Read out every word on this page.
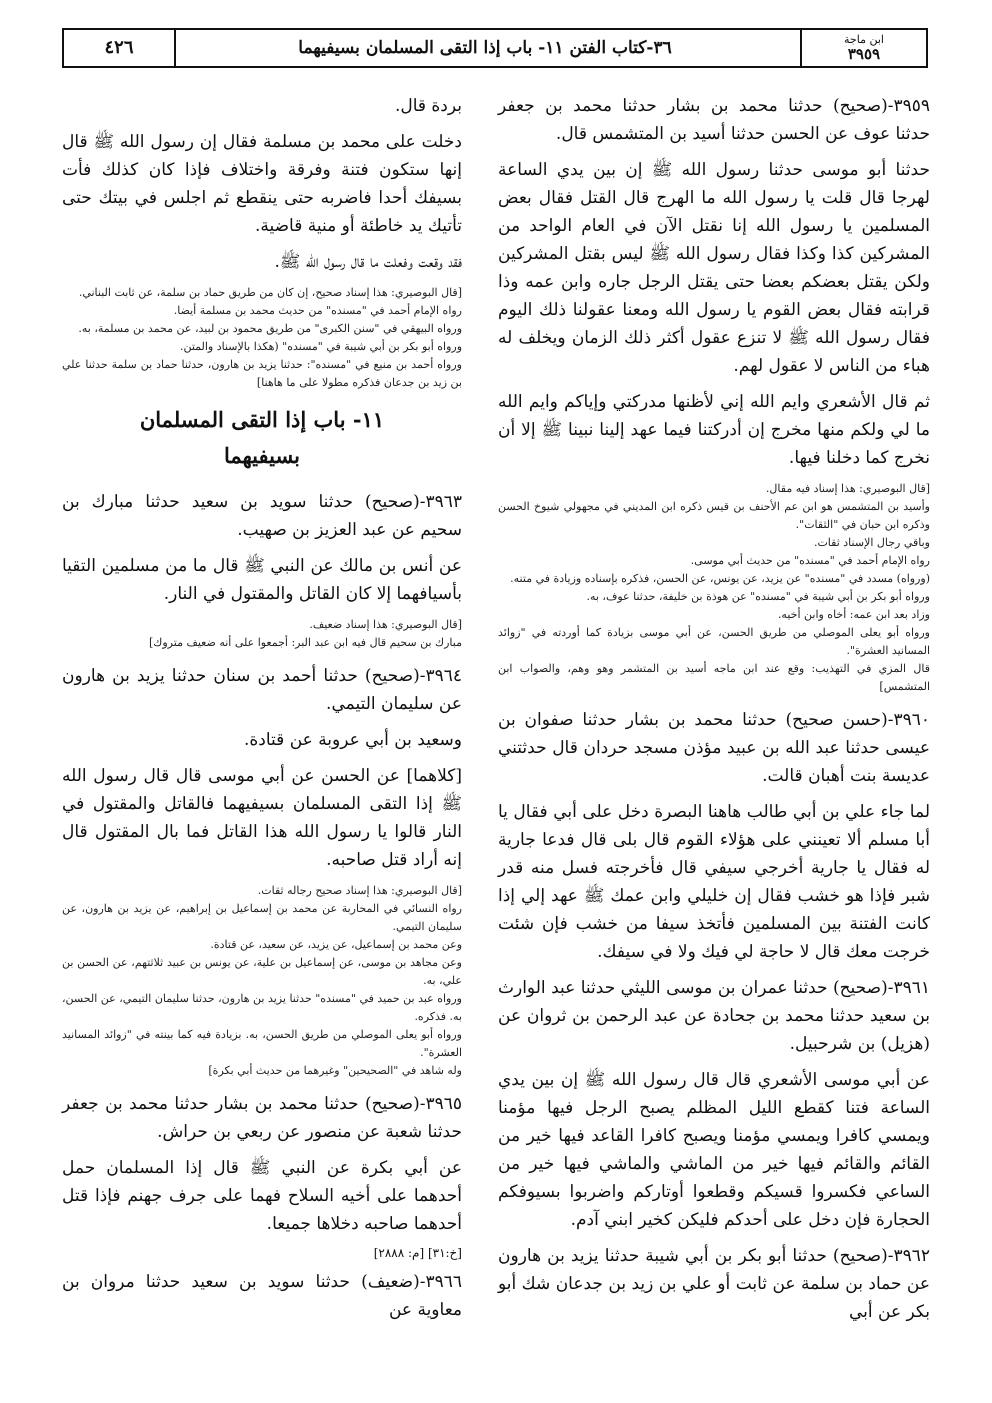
ابن ماجة
٣٩٥٩
٣٦-كتاب الفتن ١١- باب إذا التقى المسلمان بسيفيهما
٤٢٦

٣٩٥٩-(صحيح) حدثنا محمد بن بشار حدثنا محمد بن جعفر حدثنا عوف عن الحسن حدثنا أسيد بن المتشمس قال.

حدثنا أبو موسى حدثنا رسول الله ﷺ إن بين يدي الساعة لهرجا قال قلت يا رسول الله ما الهرج قال القتل فقال بعض المسلمين يا رسول الله إنا نقتل الآن في العام الواحد من المشركين كذا وكذا فقال رسول الله ﷺ ليس بقتل المشركين ولكن يقتل بعضكم بعضا حتى يقتل الرجل جاره وابن عمه وذا قرابته فقال بعض القوم يا رسول الله ومعنا عقولنا ذلك اليوم فقال رسول الله ﷺ لا تنزع عقول أكثر ذلك الزمان ويخلف له هباء من الناس لا عقول لهم.

ثم قال الأشعري وايم الله إني لأظنها مدركتي وإياكم وايم الله ما لي ولكم منها مخرج إن أدركتنا فيما عهد إلينا نبينا ﷺ إلا أن نخرج كما دخلنا فيها.

[قال البوصيري: هذا إسناد فيه مقال.
وأسيد بن المتشمس هو ابن عم الأحنف بن قيس ذكره ابن المديني في مجهولي شيوخ الحسن وذكره ابن حبان في "الثقات".
وباقي رجال الإسناد ثقات.
رواه الإمام أحمد في "مسنده" من حديث أبي موسى.
(ورواه) مسدد في "مسنده" عن يزيد، عن يونس، عن الحسن، فذكره بإسناده وزيادة في متنه.
ورواه أبو بكر بن أبي شيبة في "مسنده" عن هوذة بن خليفة، حدثنا عوف، به.
وزاد بعد ابن عمه: أخاه وابن أخيه.
ورواه أبو يعلى الموصلي من طريق الحسن، عن أبي موسى بزيادة كما أوردته في "زوائد المسانيد العشرة".
قال المزي في التهذيب: وقع عند ابن ماجه أسيد بن المتشمر وهو وهم، والصواب ابن المتشمس]

٣٩٦٠-(حسن صحيح) حدثنا محمد بن بشار حدثنا صفوان بن عيسى حدثنا عبد الله بن عبيد مؤذن مسجد حردان قال حدثتني عديسة بنت أهبان قالت.

لما جاء علي بن أبي طالب هاهنا البصرة دخل على أبي فقال يا أبا مسلم ألا تعينني على هؤلاء القوم قال بلى قال فدعا جارية له فقال يا جارية أخرجي سيفي قال فأخرجته فسل منه قدر شبر فإذا هو خشب فقال إن خليلي وابن عمك ﷺ عهد إلي إذا كانت الفتنة بين المسلمين فأتخذ سيفا من خشب فإن شئت خرجت معك قال لا حاجة لي فيك ولا في سيفك.

٣٩٦١-(صحيح) حدثنا عمران بن موسى الليثي حدثنا عبد الوارث بن سعيد حدثنا محمد بن جحادة عن عبد الرحمن بن ثروان عن (هزيل) بن شرحبيل.

عن أبي موسى الأشعري قال قال رسول الله ﷺ إن بين يدي الساعة فتنا كقطع الليل المظلم يصبح الرجل فيها مؤمنا ويمسي كافرا ويمسي مؤمنا ويصبح كافرا القاعد فيها خير من القائم والقائم فيها خير من الماشي والماشي فيها خير من الساعي فكسروا قسيكم وقطعوا أوتاركم واضربوا بسيوفكم الحجارة فإن دخل على أحدكم فليكن كخير ابني آدم.

٣٩٦٢-(صحيح) حدثنا أبو بكر بن أبي شيبة حدثنا يزيد بن هارون عن حماد بن سلمة عن ثابت أو علي بن زيد بن جدعان شك أبو بكر عن أبي

بردة قال.

دخلت على محمد بن مسلمة فقال إن رسول الله ﷺ قال إنها ستكون فتنة وفرقة واختلاف فإذا كان كذلك فأت بسيفك أحدا فاضربه حتى ينقطع ثم اجلس في بيتك حتى تأتيك يد خاطئة أو منية قاضية.

فقد وقعت وفعلت ما قال رسول الله ﷺ.

[قال البوصيري: هذا إسناد صحيح، إن كان من طريق حماد بن سلمة، عن ثابت البناني.
رواه الإمام أحمد في "مسنده" من حديث محمد بن مسلمة أيضا.
ورواه البيهقي في "سنن الكبرى" من طريق محمود بن لبيد، عن محمد بن مسلمة، به.
ورواه أبو بكر بن أبي شيبة في "مسنده" (هكذا بالإسناد والمتن.
ورواه أحمد بن منيع في "مسنده": حدثنا يزيد بن هارون، حدثنا حماد بن سلمة حدثنا علي بن زيد بن جدعان فذكره مطولا على ما هاهنا]
١١- باب إذا التقى المسلمان
بسيفيهما

٣٩٦٣-(صحيح) حدثنا سويد بن سعيد حدثنا مبارك بن سحيم عن عبد العزيز بن صهيب.

عن أنس بن مالك عن النبي ﷺ قال ما من مسلمين التقيا بأسيافهما إلا كان القاتل والمقتول في النار.

[قال البوصيري: هذا إسناد ضعيف.
مبارك بن سحيم قال فيه ابن عبد البر: أجمعوا على أنه ضعيف متروك]

٣٩٦٤-(صحيح) حدثنا أحمد بن سنان حدثنا يزيد بن هارون عن سليمان التيمي.

وسعيد بن أبي عروبة عن قتادة.

[كلاهما] عن الحسن عن أبي موسى قال قال رسول الله ﷺ إذا التقى المسلمان بسيفيهما فالقاتل والمقتول في النار قالوا يا رسول الله هذا القاتل فما بال المقتول قال إنه أراد قتل صاحبه.

[قال البوصيري: هذا إسناد صحيح رجاله ثقات.
رواه النسائي في المحاربة عن محمد بن إسماعيل بن إبراهيم، عن يزيد بن هارون، عن سليمان التيمي.
وعن محمد بن إسماعيل، عن يزيد، عن سعيد، عن قتادة.
وعن مجاهد بن موسى، عن إسماعيل بن علية، عن يونس بن عبيد ثلاثتهم، عن الحسن بن علي، به.
ورواه عبد بن حميد في "مسنده" حدثنا يزيد بن هارون، حدثنا سليمان التيمي، عن الحسن، به. فذكره.
ورواه أبو يعلى الموصلي من طريق الحسن، به. بزيادة فيه كما بينته في "زوائد المسانيد العشرة".
وله شاهد في "الصحيحين" وغيرهما من حديث أبي بكرة]

٣٩٦٥-(صحيح) حدثنا محمد بن بشار حدثنا محمد بن جعفر حدثنا شعبة عن منصور عن ربعي بن حراش.

عن أبي بكرة عن النبي ﷺ قال إذا المسلمان حمل أحدهما على أخيه السلاح فهما على جرف جهنم فإذا قتل أحدهما صاحبه دخلاها جميعا.

[خ:٣١] [م: ٢٨٨٨]

٣٩٦٦-(ضعيف) حدثنا سويد بن سعيد حدثنا مروان بن معاوية عن
